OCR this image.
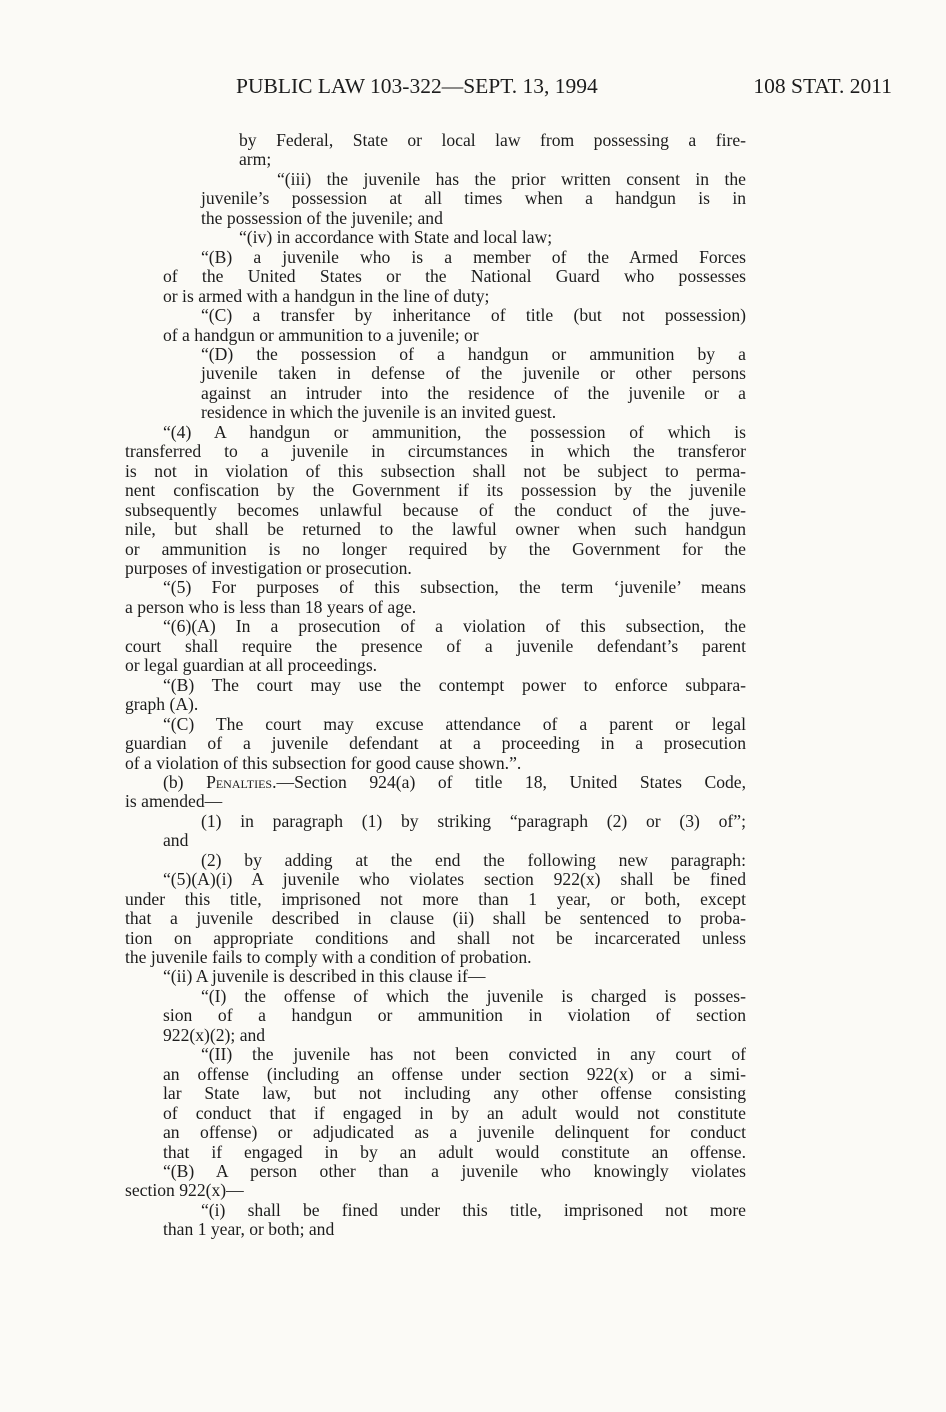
PUBLIC LAW 103-322—SEPT. 13, 1994	108 STAT. 2011

by Federal, State or local law from possessing a fire-

arm;

“(iii) the juvenile has the prior written consent in the

juvenile’s possession at all times when a handgun is in

the possession of the juvenile; and

“(iv) in accordance with State and local law;

“(B) a juvenile who is a member of the Armed Forces

of the United States or the National Guard who possesses

or is armed with a handgun in the line of duty;

“(C) a transfer by inheritance of title (but not possession)

of a handgun or ammunition to a juvenile; or

“(D) the possession of a handgun or ammunition by a

juvenile taken in defense of the juvenile or other persons

against an intruder into the residence of the juvenile or a

residence in which the juvenile is an invited guest.

“(4) A handgun or ammunition, the possession of which is

transferred to a juvenile in circumstances in which the transferor

is not in violation of this subsection shall not be subject to perma-

nent confiscation by the Government if its possession by the juvenile

subsequently becomes unlawful because of the conduct of the juve-

nile, but shall be returned to the lawful owner when such handgun

or ammunition is no longer required by the Government for the

purposes of investigation or prosecution.

“(5) For purposes of this subsection, the term ‘juvenile’ means

a person who is less than 18 years of age.

“(6)(A) In a prosecution of a violation of this subsection, the

court shall require the presence of a juvenile defendant’s parent

or legal guardian at all proceedings.

“(B) The court may use the contempt power to enforce subpara-

graph (A).

“(C) The court may excuse attendance of a parent or legal

guardian of a juvenile defendant at a proceeding in a prosecution

of a violation of this subsection for good cause shown.”.

(b) Penalties.—Section 924(a) of title 18, United States Code,

is amended—

(1) in paragraph (1) by striking “paragraph (2) or (3) of”;

and

(2) by adding at the end the following new paragraph:

“(5)(A)(i) A juvenile who violates section 922(x) shall be fined

under this title, imprisoned not more than 1 year, or both, except

that a juvenile described in clause (ii) shall be sentenced to proba-

tion on appropriate conditions and shall not be incarcerated unless

the juvenile fails to comply with a condition of probation.

“(ii) A juvenile is described in this clause if—

“(I) the offense of which the juvenile is charged is posses-

sion of a handgun or ammunition in violation of section

922(x)(2); and

“(II) the juvenile has not been convicted in any court of

an offense (including an offense under section 922(x) or a simi-

lar State law, but not including any other offense consisting

of conduct that if engaged in by an adult would not constitute

an offense) or adjudicated as a juvenile delinquent for conduct

that if engaged in by an adult would constitute an offense.

“(B) A person other than a juvenile who knowingly violates

section 922(x)—

“(i) shall be fined under this title, imprisoned not more

than 1 year, or both; and
